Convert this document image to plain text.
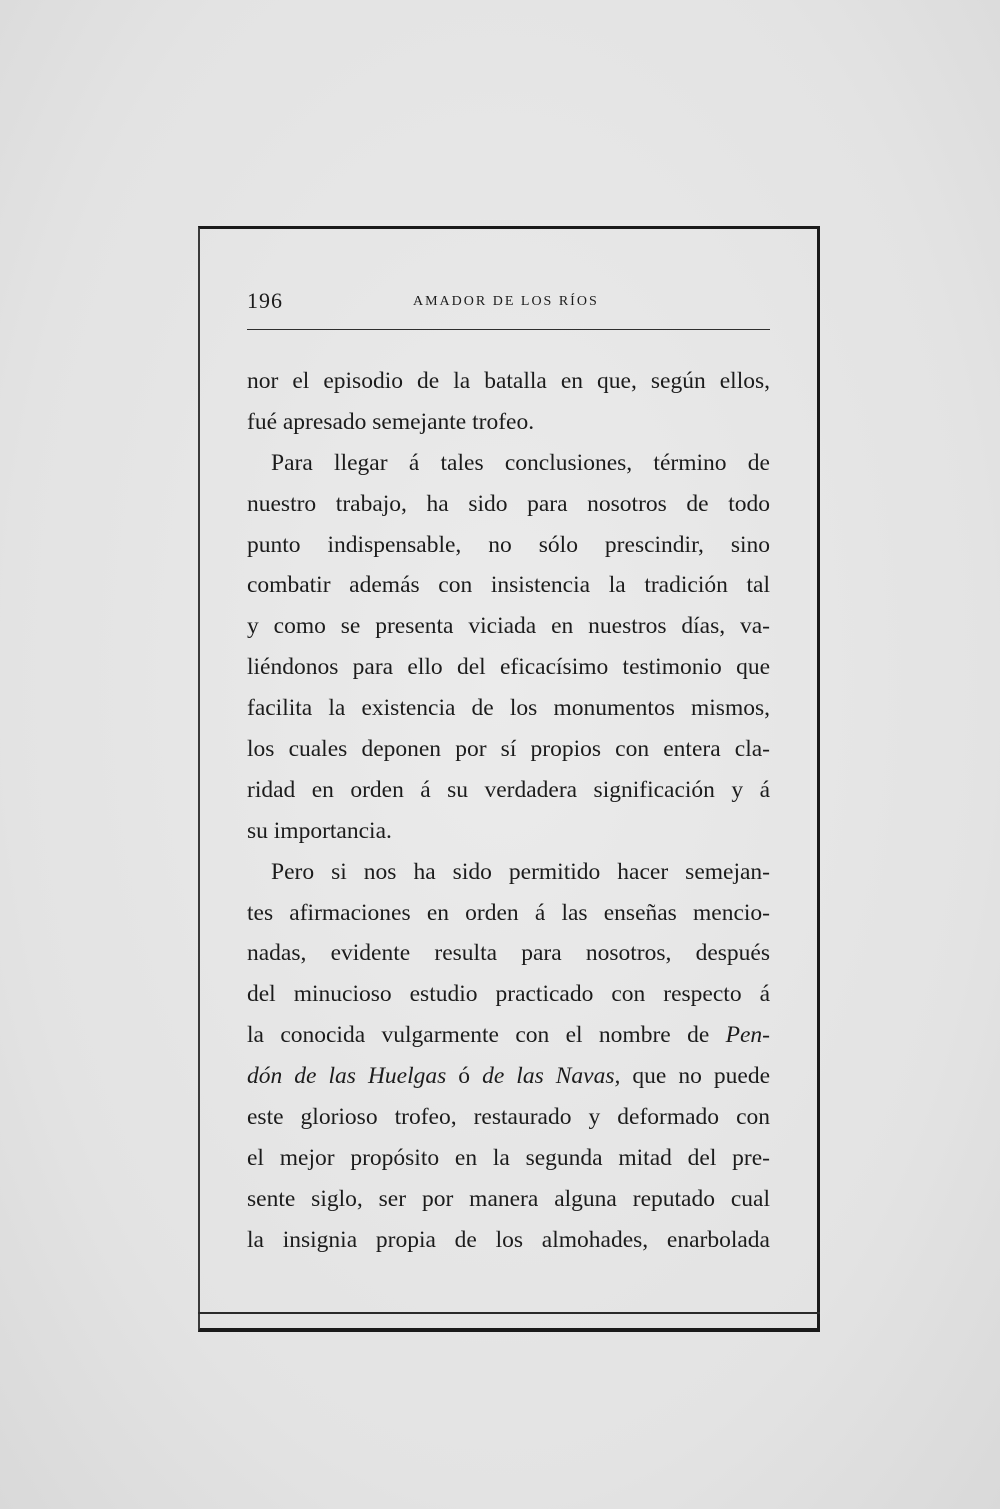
196	AMADOR DE LOS RÍOS
nor el episodio de la batalla en que, según ellos,
fué apresado semejante trofeo.
Para llegar á tales conclusiones, término de
nuestro trabajo, ha sido para nosotros de todo
punto indispensable, no sólo prescindir, sino
combatir además con insistencia la tradición tal
y como se presenta viciada en nuestros días, va-
liéndonos para ello del eficacísimo testimonio que
facilita la existencia de los monumentos mismos,
los cuales deponen por sí propios con entera cla-
ridad en orden á su verdadera significación y á
su importancia.
Pero si nos ha sido permitido hacer semejan-
tes afirmaciones en orden á las enseñas mencio-
nadas, evidente resulta para nosotros, después
del minucioso estudio practicado con respecto á
la conocida vulgarmente con el nombre de Pen-
dón de las Huelgas ó de las Navas, que no puede
este glorioso trofeo, restaurado y deformado con
el mejor propósito en la segunda mitad del pre-
sente siglo, ser por manera alguna reputado cual
la insignia propia de los almohades, enarbolada
